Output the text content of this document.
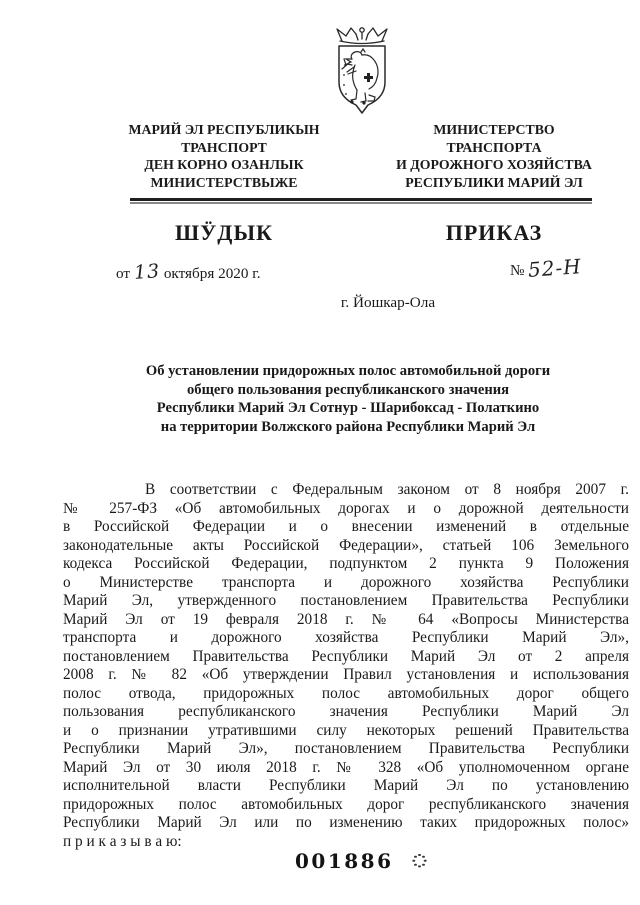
МАРИЙ ЭЛ РЕСПУБЛИКЫН
ТРАНСПОРТ
ДЕН КОРНО ОЗАНЛЫК
МИНИСТЕРСТВЫЖЕ
МИНИСТЕРСТВО
ТРАНСПОРТА
И ДОРОЖНОГО ХОЗЯЙСТВА
РЕСПУБЛИКИ МАРИЙ ЭЛ
ШӰДЫК	ПРИКАЗ
от 13 октября 2020 г.	№ 52-Н
г. Йошкар-Ола
Об установлении придорожных полос автомобильной дороги
общего пользования республиканского значения
Республики Марий Эл Сотнур - Шарибоксад - Полаткино
на территории Волжского района Республики Марий Эл
В соответствии с Федеральным законом от 8 ноября 2007 г.
№ 257-ФЗ «Об автомобильных дорогах и о дорожной деятельности
в Российской Федерации и о внесении изменений в отдельные
законодательные акты Российской Федерации», статьей 106 Земельного
кодекса Российской Федерации, подпунктом 2 пункта 9 Положения
о Министерстве транспорта и дорожного хозяйства Республики
Марий Эл, утвержденного постановлением Правительства Республики
Марий Эл от 19 февраля 2018 г. № 64 «Вопросы Министерства
транспорта и дорожного хозяйства Республики Марий Эл»,
постановлением Правительства Республики Марий Эл от 2 апреля
2008 г. № 82 «Об утверждении Правил установления и использования
полос отвода, придорожных полос автомобильных дорог общего
пользования республиканского значения Республики Марий Эл
и о признании утратившими силу некоторых решений Правительства
Республики Марий Эл», постановлением Правительства Республики
Марий Эл от 30 июля 2018 г. № 328 «Об уполномоченном органе
исполнительной власти Республики Марий Эл по установлению
придорожных полос автомобильных дорог республиканского значения
Республики Марий Эл или по изменению таких придорожных полос»
п р и к а з ы в а ю:
001886
